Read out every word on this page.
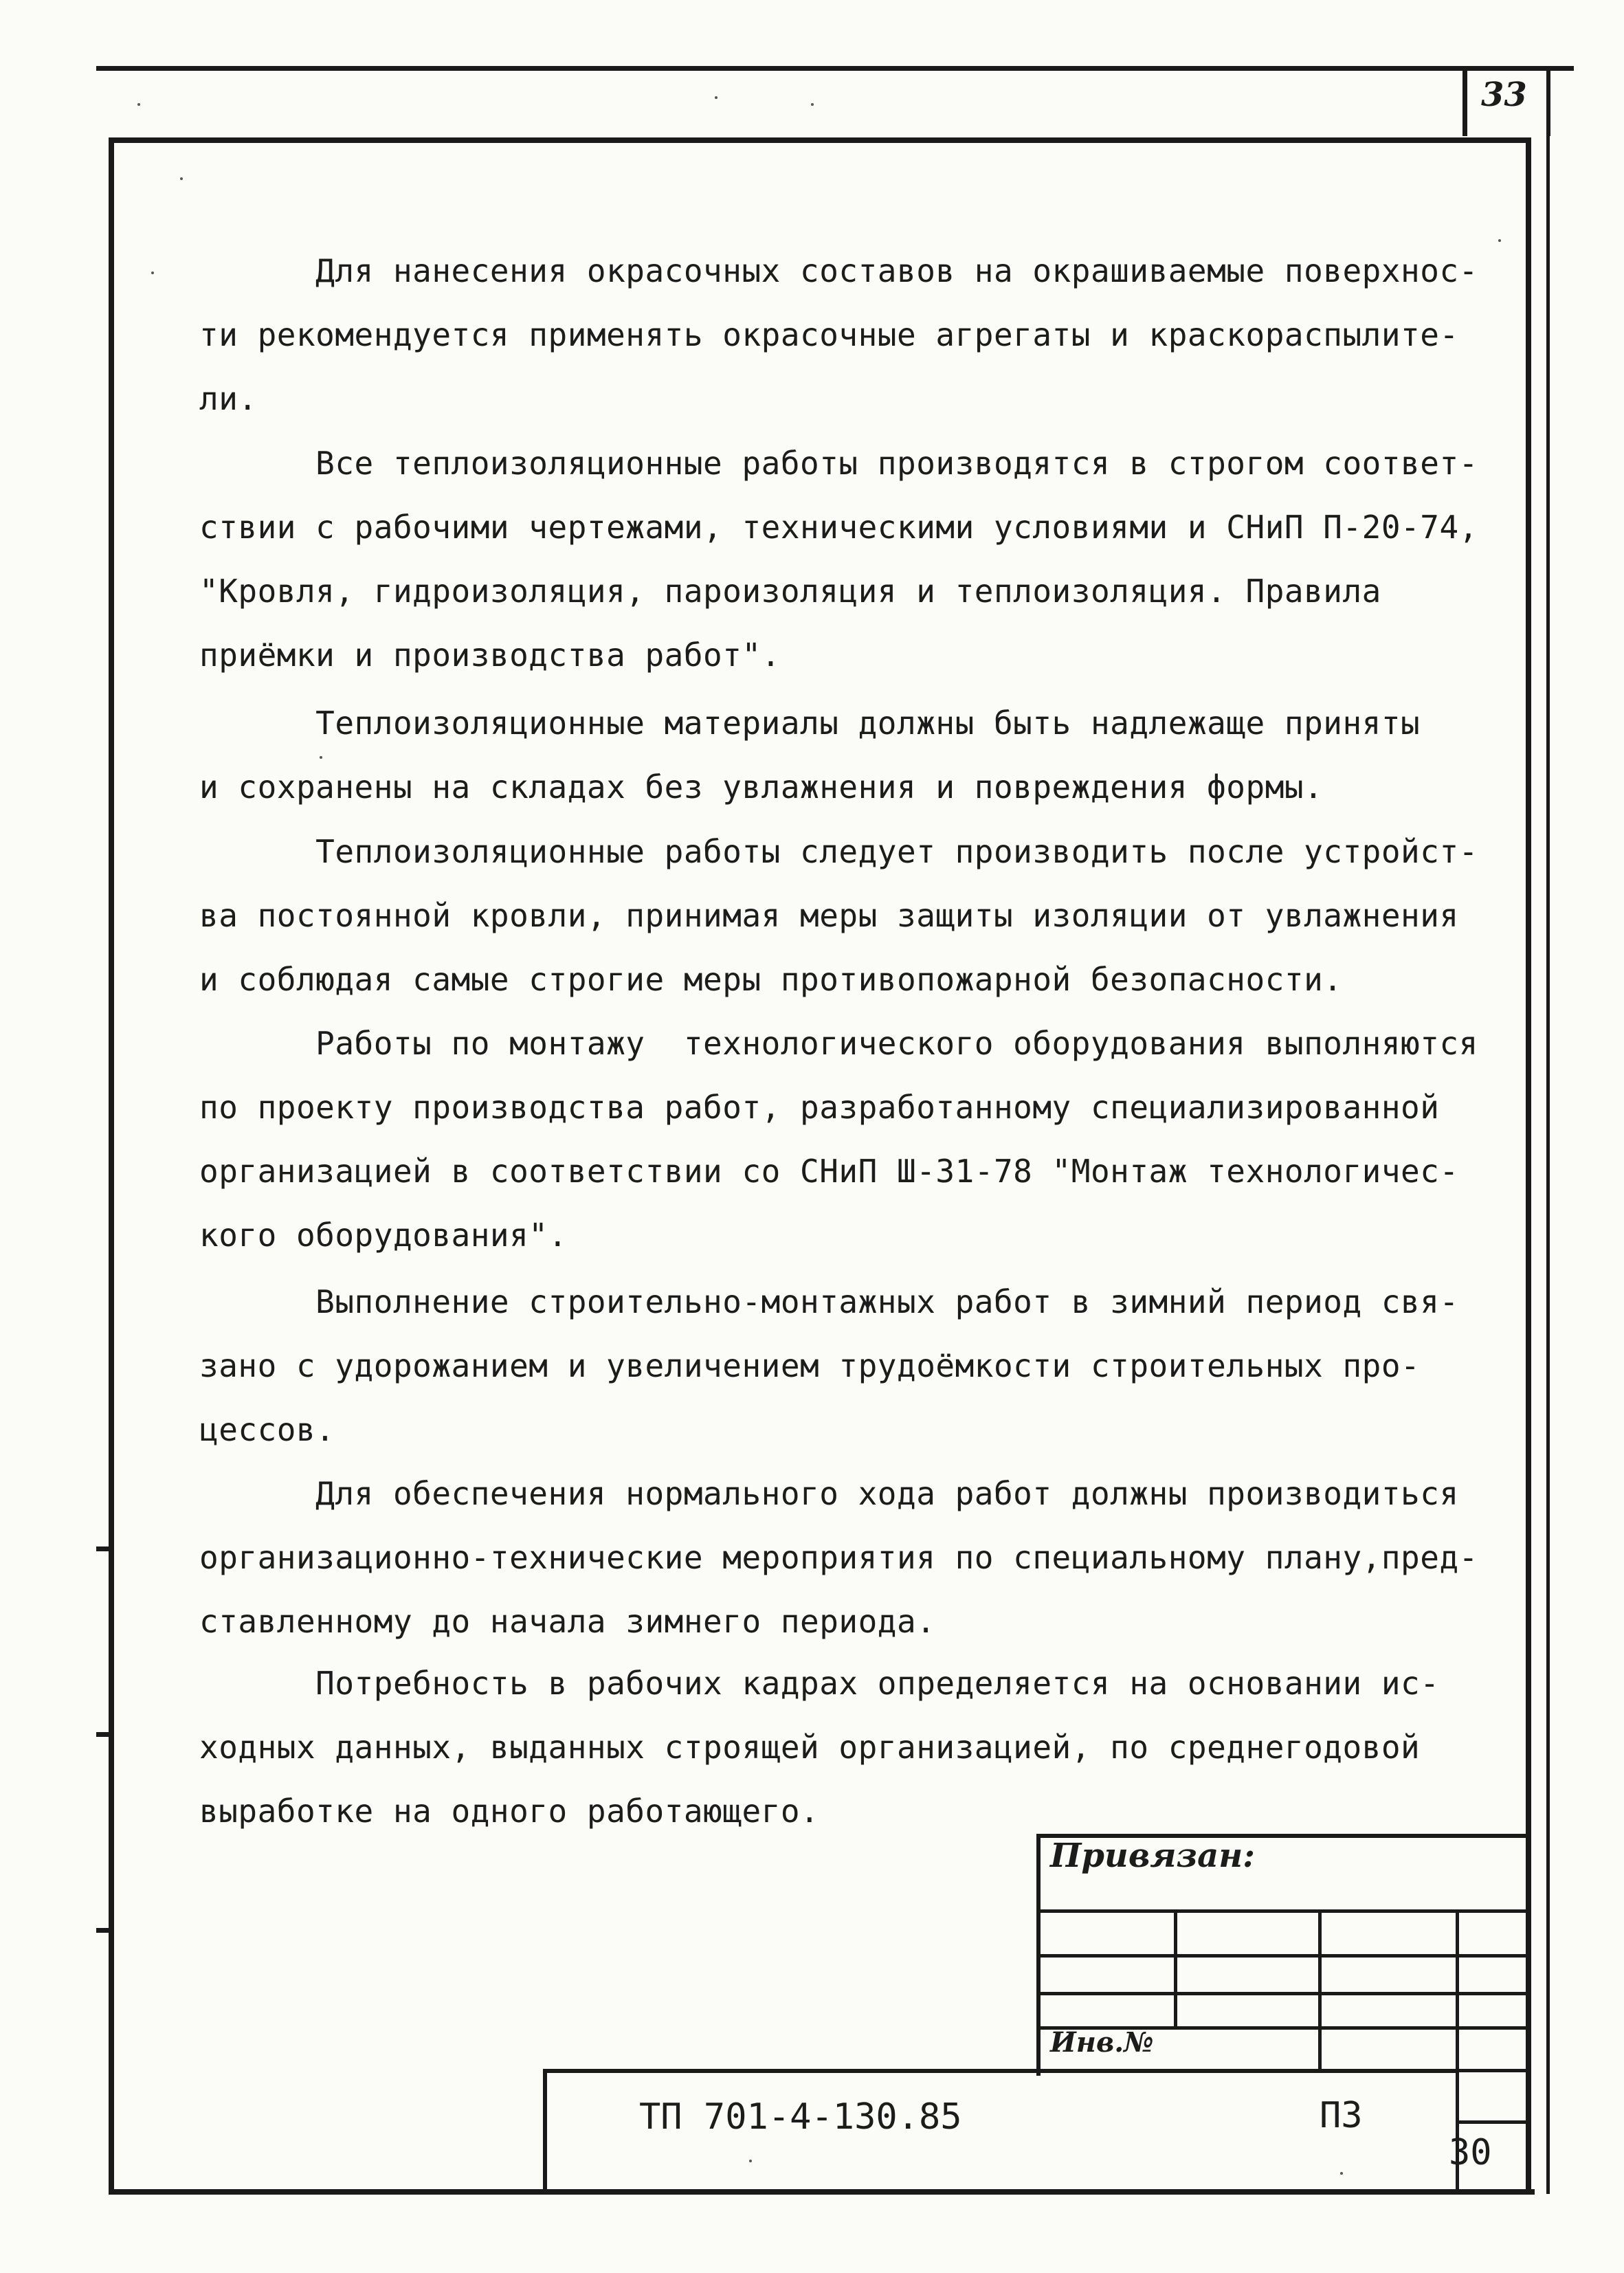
33
Для нанесения окрасочных составов на окрашиваемые поверхнос-
ти рекомендуется применять окрасочные агрегаты и краскораспылите-
ли.
Все теплоизоляционные работы производятся в строгом соответ-
ствии с рабочими чертежами, техническими условиями и СНиП П-20-74,
"Кровля, гидроизоляция, пароизоляция и теплоизоляция. Правила
приёмки и производства работ".
Теплоизоляционные материалы должны быть надлежаще приняты
и сохранены на складах без увлажнения и повреждения формы.
Теплоизоляционные работы следует производить после устройст-
ва постоянной кровли, принимая меры защиты изоляции от увлажнения
и соблюдая самые строгие меры противопожарной безопасности.
Работы по монтажу  технологического оборудования выполняются
по проекту производства работ, разработанному специализированной
организацией в соответствии со СНиП Ш-31-78 "Монтаж технологичес-
кого оборудования".
Выполнение строительно-монтажных работ в зимний период свя-
зано с удорожанием и увеличением трудоёмкости строительных про-
цессов.
Для обеспечения нормального хода работ должны производиться
организационно-технические мероприятия по специальному плану,пред-
ставленному до начала зимнего периода.
Потребность в рабочих кадрах определяется на основании ис-
ходных данных, выданных строящей организацией, по среднегодовой
выработке на одного работающего.
Привязан:
Инв.№
ТП 701-4-130.85	ПЗ
30
